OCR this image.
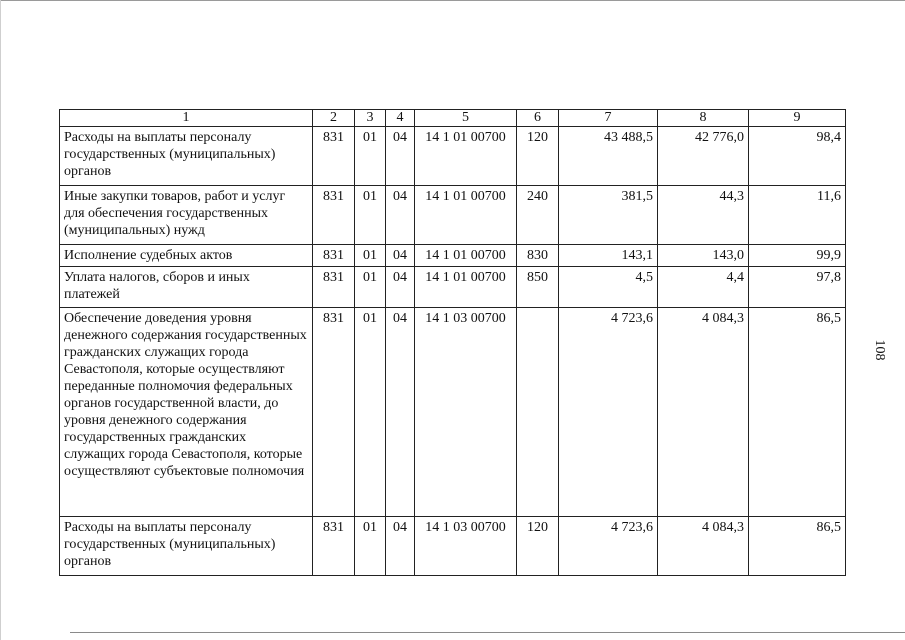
108
1	2	3	4	5	6	7	8	9
Расходы на выплаты персоналу государственных (муниципальных) органов	831	01	04	14 1 01 00700	120	43 488,5	42 776,0	98,4
Иные закупки товаров, работ и услуг для обеспечения государственных (муниципальных) нужд	831	01	04	14 1 01 00700	240	381,5	44,3	11,6
Исполнение судебных актов	831	01	04	14 1 01 00700	830	143,1	143,0	99,9
Уплата налогов, сборов и иных платежей	831	01	04	14 1 01 00700	850	4,5	4,4	97,8
Обеспечение доведения уровня денежного содержания государственных гражданских служащих города Севастополя, которые осуществляют переданные полномочия федеральных органов государственной власти, до уровня денежного содержания государственных гражданских служащих города Севастополя, которые осуществляют субъектовые полномочия	831	01	04	14 1 03 00700		4 723,6	4 084,3	86,5
Расходы на выплаты персоналу государственных (муниципальных) органов	831	01	04	14 1 03 00700	120	4 723,6	4 084,3	86,5
